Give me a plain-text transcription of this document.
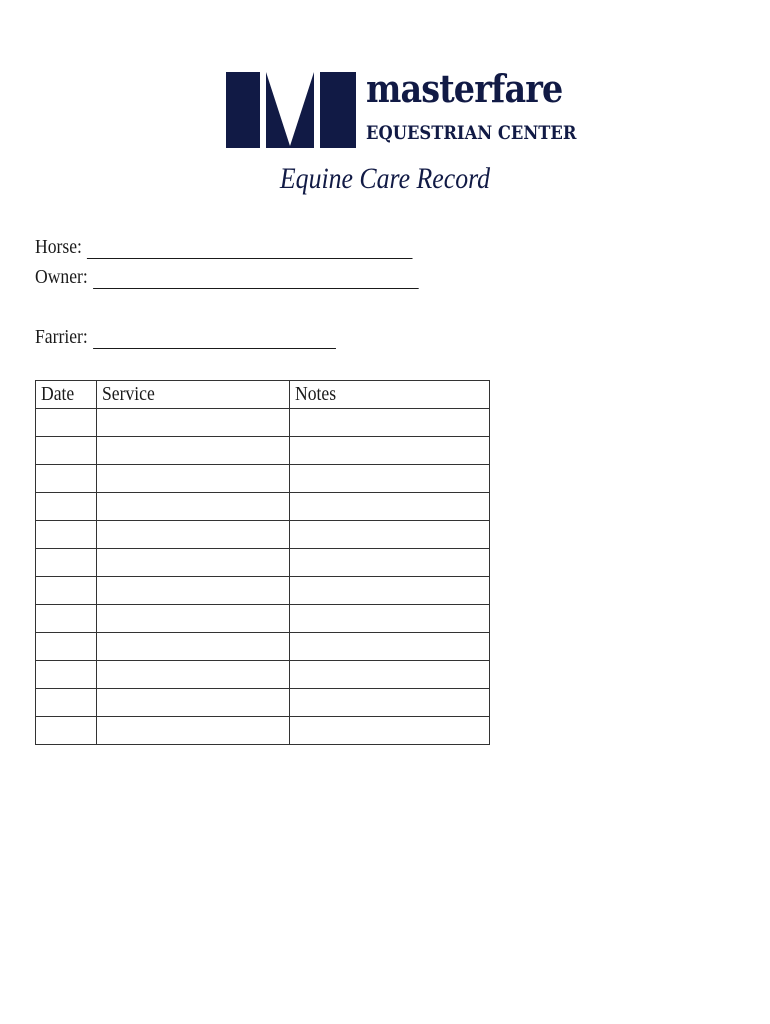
masterfare
EQUESTRIAN CENTER
Equine Care Record
Horse:
Owner:
Farrier:
Date	Service	Notes
